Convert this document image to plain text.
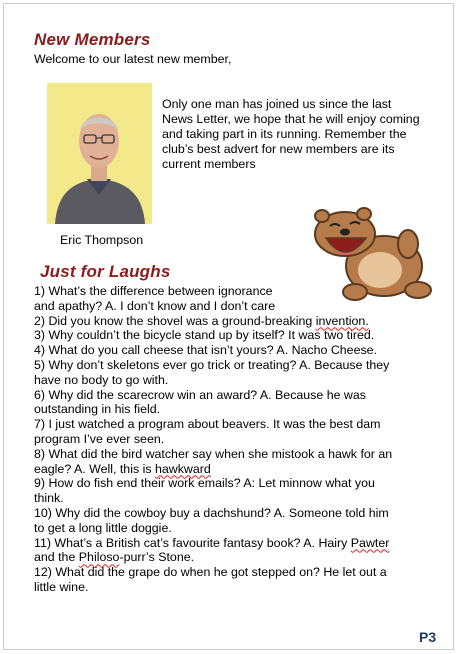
New Members
Welcome to our latest new member,
Eric Thompson
Only one man has joined us since the last News Letter, we hope that he will enjoy coming and taking part in its running. Remember the club’s best advert for new members are its current members
Just for Laughs

1) What’s the difference between ignorance

and apathy? A. I don’t know and I don’t care

2) Did you know the shovel was a ground-breaking invention.

3) Why couldn’t the bicycle stand up by itself? It was two tired.

4) What do you call cheese that isn’t yours? A. Nacho Cheese.

5) Why don’t skeletons ever go trick or treating? A. Because they

have no body to go with.

6) Why did the scarecrow win an award? A. Because he was

outstanding in his field.

7) I just watched a program about beavers. It was the best dam

program I’ve ever seen.

8) What did the bird watcher say when she mistook a hawk for an

eagle? A. Well, this is hawkward

9) How do fish end their work emails? A: Let minnow what you

think.

10) Why did the cowboy buy a dachshund? A. Someone told him

to get a long little doggie.

11) What’s a British cat’s favourite fantasy book? A. Hairy Pawter

and the Philoso-purr’s Stone.

12) What did the grape do when he got stepped on? He let out a

little wine.

P3
